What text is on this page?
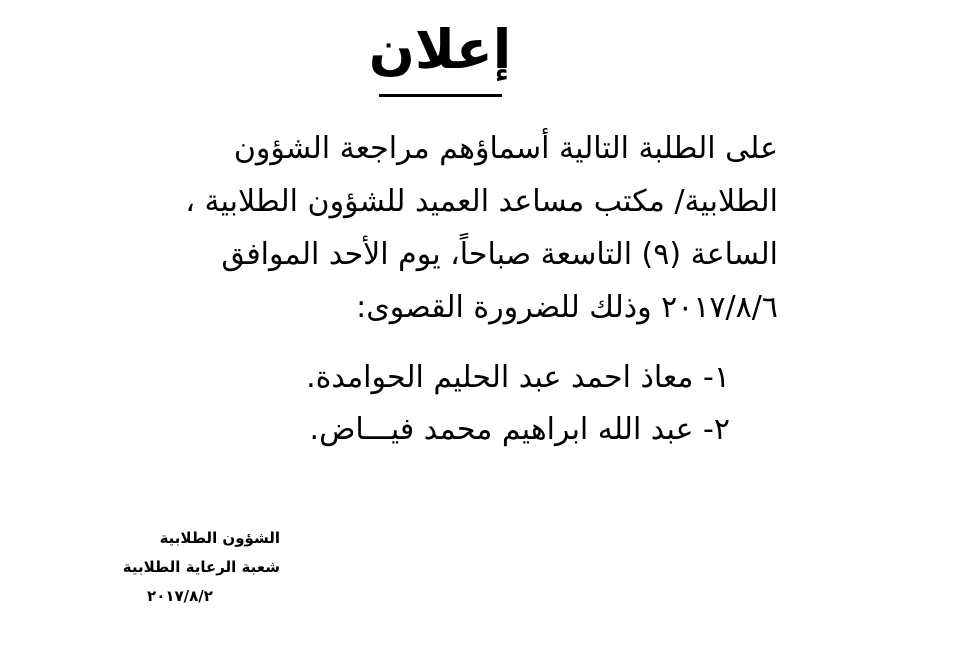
إعلان
على الطلبة التالية أسماؤهم مراجعة الشؤون
الطلابية/ مكتب مساعد العميد للشؤون الطلابية ،
الساعة (٩) التاسعة صباحاً، يوم الأحد الموافق
٢٠١٧/٨/٦ وذلك للضرورة القصوى:
١- معاذ احمد عبد الحليم الحوامدة.
٢- عبد الله ابراهيم محمد فيـــاض.
الشؤون الطلابية
شعبة الرعاية الطلابية
٢٠١٧/٨/٢
